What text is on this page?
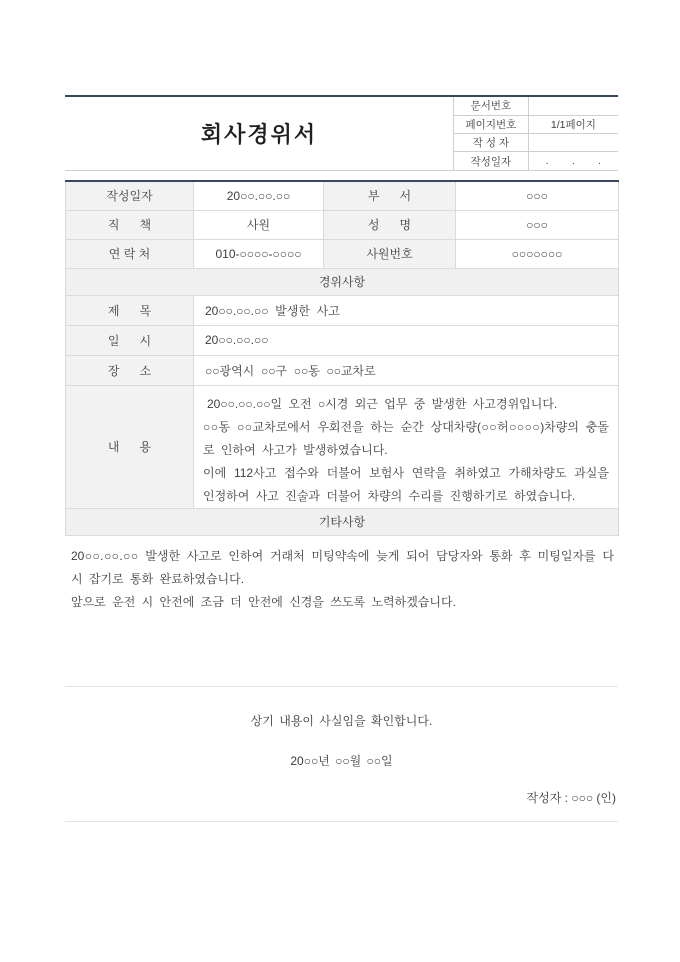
회사경위서
문서번호	
페이지번호	1/1페이지
작 성 자	
작성일자	.        .        .
작성일자	20○○.○○.○○	부      서	○○○
직      책	사원	성      명	○○○
연 락 처	010-○○○○-○○○○	사원번호	○○○○○○○
경위사항			
제      목	20○○.○○.○○  발생한  사고		
일      시	20○○.○○.○○		
장      소	○○광역시  ○○구  ○○동  ○○교차로		
내      용	20○○.○○.○○일 오전 ○시경 외근 업무 중 발생한 사고경위입니다.

○○동 ○○교차로에서 우회전을 하는 순간 상대차량(○○허○○○○)차량의 충돌로 인하여 사고가 발생하였습니다.

이에 112사고 접수와 더불어 보험사 연락을 취하였고 가해차량도 과실을 인정하여 사고 진술과 더불어 차량의 수리를 진행하기로 하였습니다.		

기타사항			

20○○.○○.○○ 발생한 사고로 인하여 거래처 미팅약속에 늦게 되어 담당자와 통화 후 미팅일자를 다시 잡기로 통화 완료하였습니다.

앞으로 운전 시 안전에 조금 더 안전에 신경을 쓰도록 노력하겠습니다.

상기 내용이 사실임을 확인합니다.

20○○년 ○○월 ○○일

작성자 : ○○○ (인)
